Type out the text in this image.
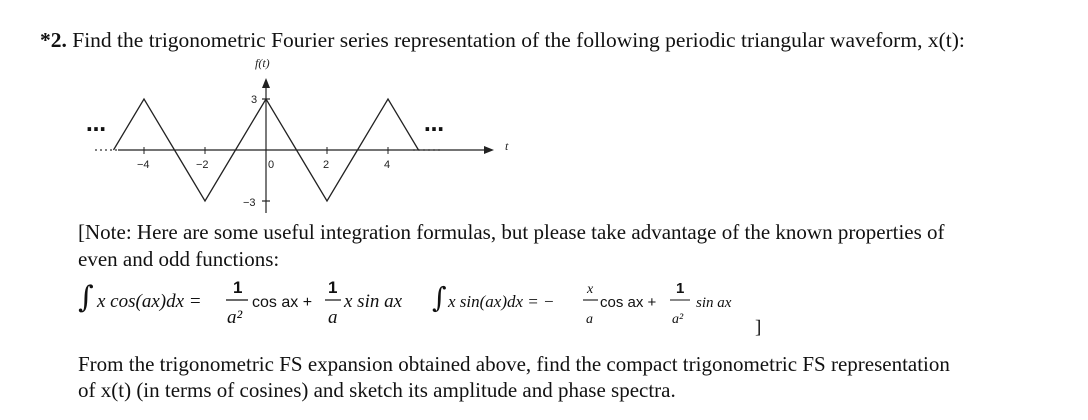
*2. Find the trigonometric Fourier series representation of the following periodic triangular waveform, x(t):
f(t)
t
3
−3
−4	−2	0	2	4
…	…
∫ x cos(ax)dx =
1
a²
cos ax +
1
a
x sin ax ∫ x sin(ax)dx = −
x
a
cos ax +
1
a²
sin ax
]
[Note: Here are some useful integration formulas, but please take advantage of the known properties of
even and odd functions:
From the trigonometric FS expansion obtained above, find the compact trigonometric FS representation
of x(t) (in terms of cosines) and sketch its amplitude and phase spectra.
